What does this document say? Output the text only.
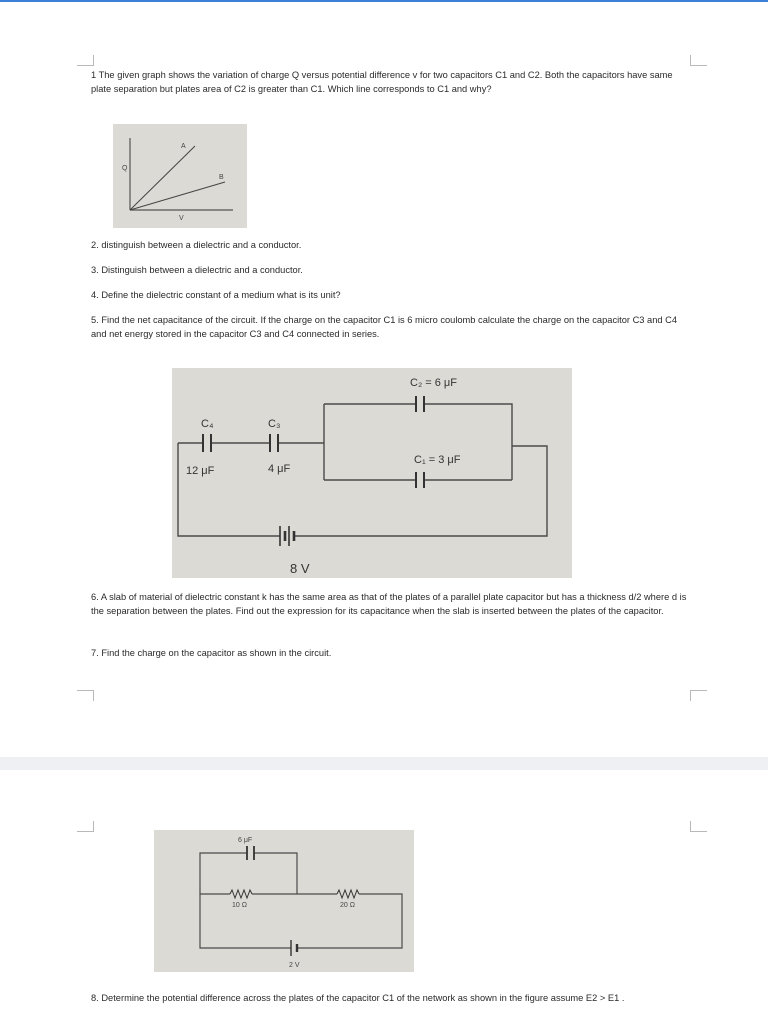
1 The given graph shows the variation of charge Q versus potential difference v for two capacitors C1 and C2. Both the capacitors have same plate separation but plates area of C2 is greater than C1. Which line corresponds to C1 and why?

Q
V
A
B

2. distinguish between a dielectric and a conductor.

3. Distinguish between a dielectric and a conductor.

4. Define the dielectric constant of a medium what is its unit?

5. Find the net capacitance of the circuit. If the charge on the capacitor C1 is 6 micro coulomb calculate the charge on the capacitor C3 and C4 and net energy stored in the capacitor C3 and C4 connected in series.

C₄
12 μF
C₃
4 μF
C₂ = 6 μF
C₁ = 3 μF
8 V

6. A slab of material of dielectric constant k has the same area as that of the plates of a parallel plate capacitor but has a thickness d/2 where d is the separation between the plates. Find out the expression for its capacitance when the slab is inserted between the plates of the capacitor.

7. Find the charge on the capacitor as shown in the circuit.

6 μF
10 Ω	20 Ω
2 V

8. Determine the potential difference across the plates of the capacitor C1 of the network as shown in the figure assume E2 > E1 .
